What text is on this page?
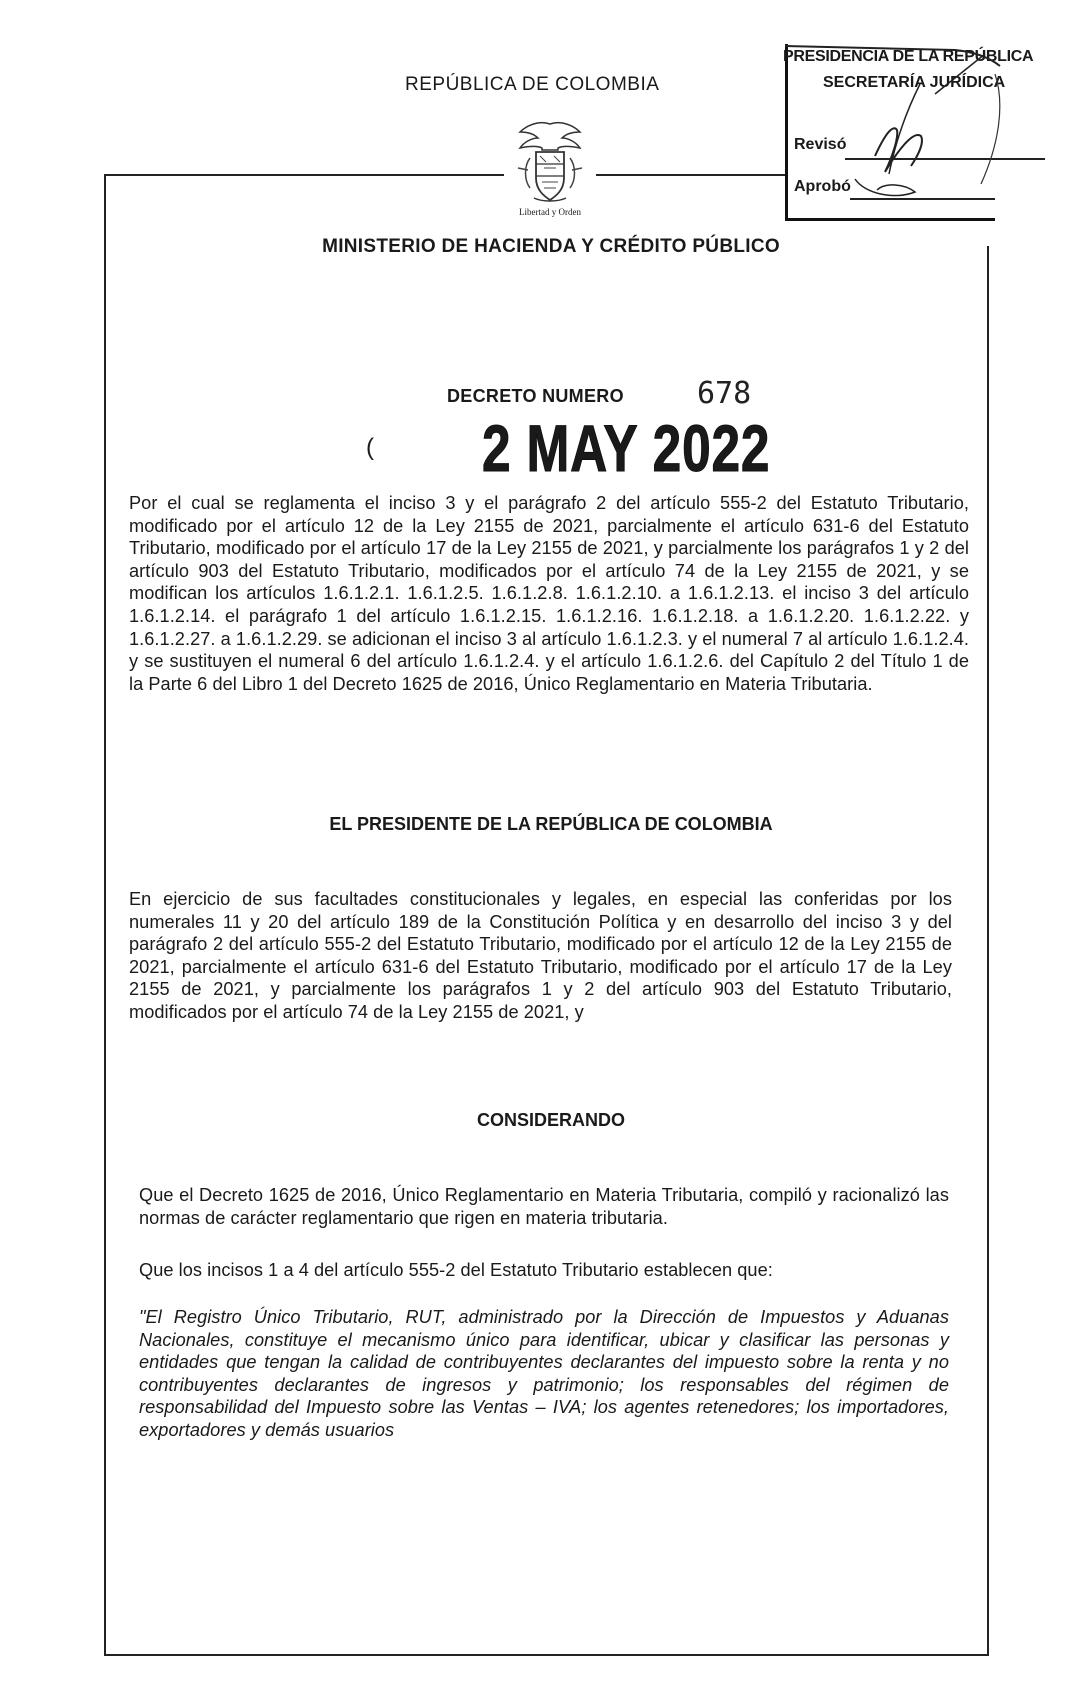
REPÚBLICA DE COLOMBIA
Libertad y Orden
MINISTERIO DE HACIENDA Y CRÉDITO PÚBLICO
PRESIDENCIA DE LA REPÚBLICA
SECRETARÍA JURÍDICA
Revisó
Aprobó
DECRETO NUMERO 678
( 2 MAY 2022
Por el cual se reglamenta el inciso 3 y el parágrafo 2 del artículo 555-2 del Estatuto Tributario, modificado por el artículo 12 de la Ley 2155 de 2021, parcialmente el artículo 631-6 del Estatuto Tributario, modificado por el artículo 17 de la Ley 2155 de 2021, y parcialmente los parágrafos 1 y 2 del artículo 903 del Estatuto Tributario, modificados por el artículo 74 de la Ley 2155 de 2021, y se modifican los artículos 1.6.1.2.1. 1.6.1.2.5. 1.6.1.2.8. 1.6.1.2.10. a 1.6.1.2.13. el inciso 3 del artículo 1.6.1.2.14. el parágrafo 1 del artículo 1.6.1.2.15. 1.6.1.2.16. 1.6.1.2.18. a 1.6.1.2.20. 1.6.1.2.22. y 1.6.1.2.27. a 1.6.1.2.29. se adicionan el inciso 3 al artículo 1.6.1.2.3. y el numeral 7 al artículo 1.6.1.2.4. y se sustituyen el numeral 6 del artículo 1.6.1.2.4. y el artículo 1.6.1.2.6. del Capítulo 2 del Título 1 de la Parte 6 del Libro 1 del Decreto 1625 de 2016, Único Reglamentario en Materia Tributaria.
EL PRESIDENTE DE LA REPÚBLICA DE COLOMBIA
En ejercicio de sus facultades constitucionales y legales, en especial las conferidas por los numerales 11 y 20 del artículo 189 de la Constitución Política y en desarrollo del inciso 3 y del parágrafo 2 del artículo 555-2 del Estatuto Tributario, modificado por el artículo 12 de la Ley 2155 de 2021, parcialmente el artículo 631-6 del Estatuto Tributario, modificado por el artículo 17 de la Ley 2155 de 2021, y parcialmente los parágrafos 1 y 2 del artículo 903 del Estatuto Tributario, modificados por el artículo 74 de la Ley 2155 de 2021, y
CONSIDERANDO
Que el Decreto 1625 de 2016, Único Reglamentario en Materia Tributaria, compiló y racionalizó las normas de carácter reglamentario que rigen en materia tributaria.
Que los incisos 1 a 4 del artículo 555-2 del Estatuto Tributario establecen que:
"El Registro Único Tributario, RUT, administrado por la Dirección de Impuestos y Aduanas Nacionales, constituye el mecanismo único para identificar, ubicar y clasificar las personas y entidades que tengan la calidad de contribuyentes declarantes del impuesto sobre la renta y no contribuyentes declarantes de ingresos y patrimonio; los responsables del régimen de responsabilidad del Impuesto sobre las Ventas – IVA; los agentes retenedores; los importadores, exportadores y demás usuarios
